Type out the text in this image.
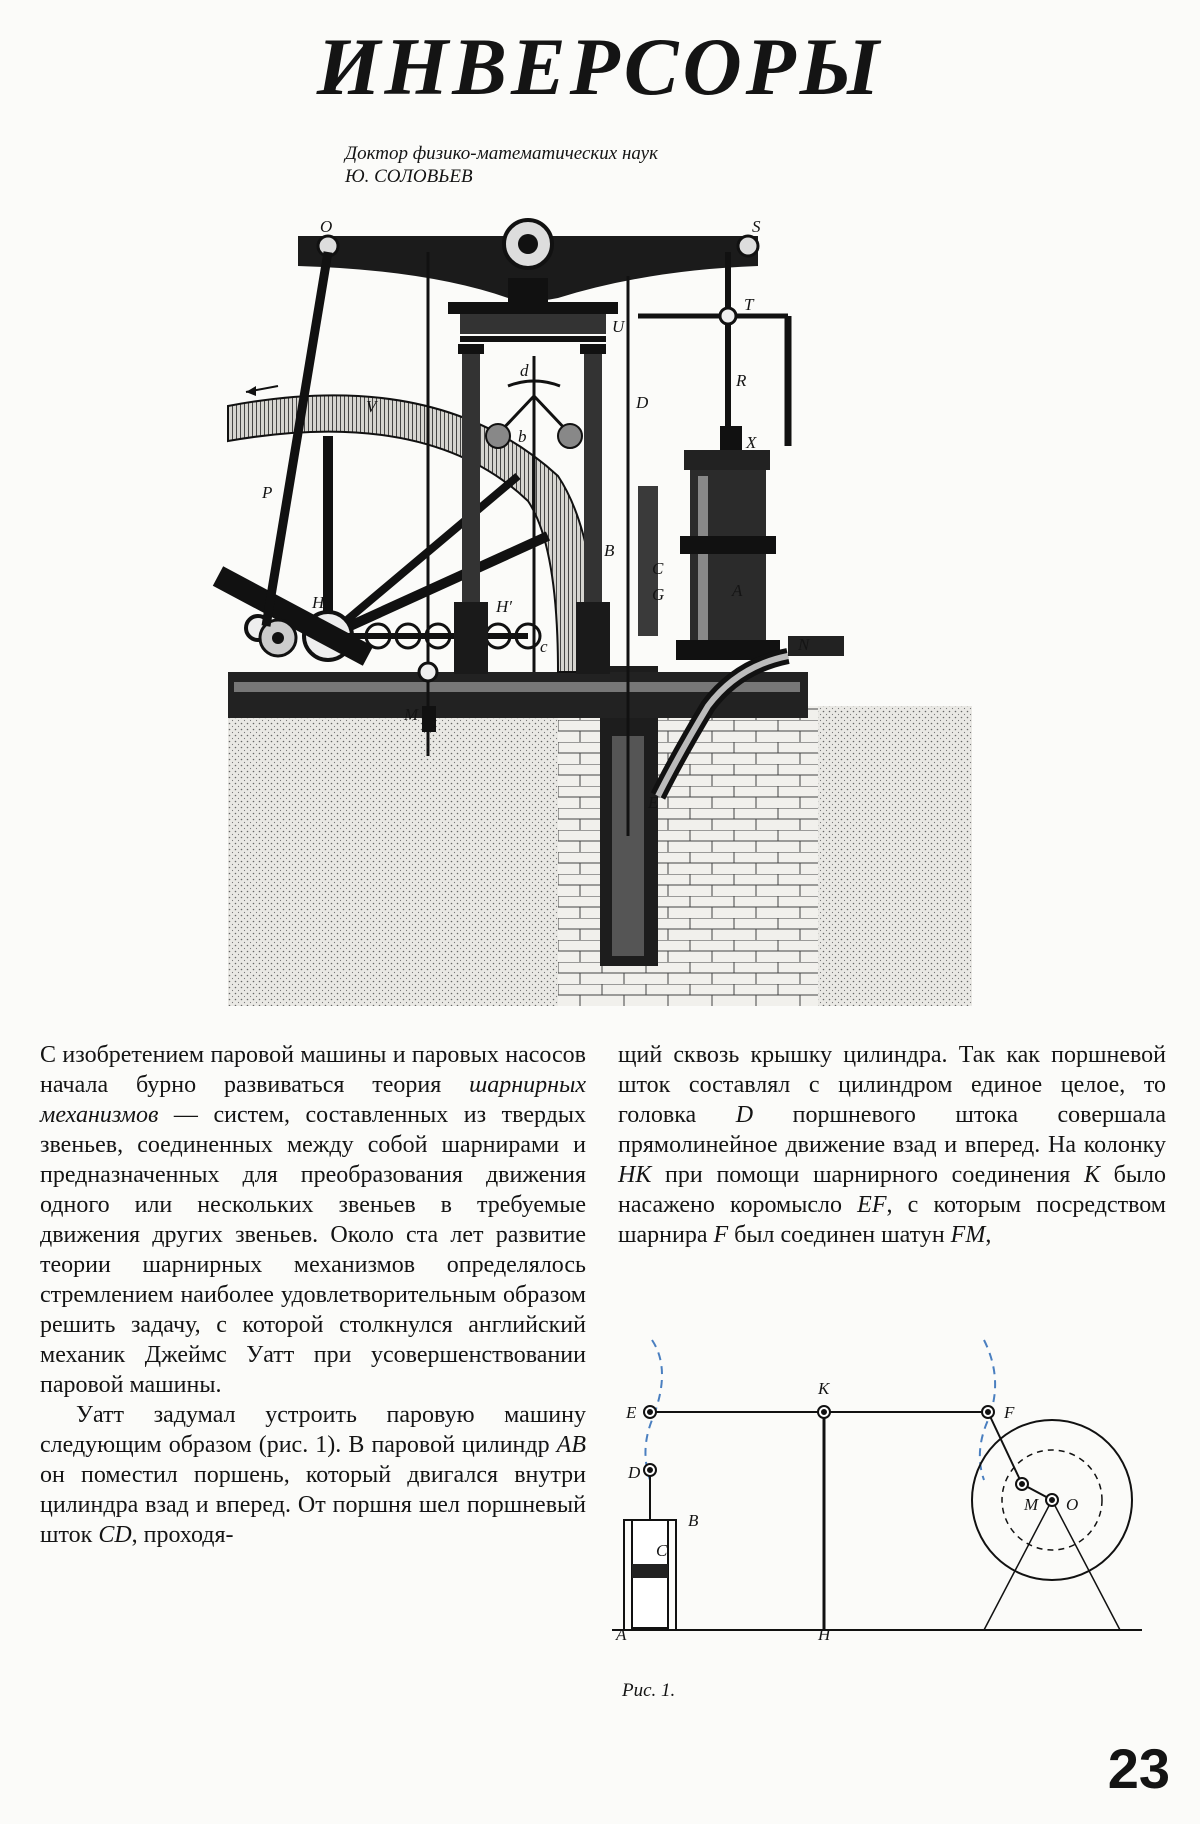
ИНВЕРСОРЫ
Доктор физико-математических наук
Ю. СОЛОВЬЕВ
O	S
T
U
R
D
X
V
P
d
b
B
C
G	A
H	H′
N
c
M
E

С изобретением паровой машины и паровых насосов начала бурно развиваться теория шарнирных механизмов — систем, составленных из твердых звеньев, соединенных между собой шарнирами и предназначенных для преобразования движения одного или нескольких звеньев в требуемые движения других звеньев. Около ста лет развитие теории шарнирных механизмов определялось стремлением наиболее удовлетворительным образом решить задачу, с которой столкнулся английский механик Джеймс Уатт при усовершенствовании паровой машины.

Уатт задумал устроить паровую машину следующим образом (рис. 1). В паровой цилиндр AB он поместил поршень, который двигался внутри цилиндра взад и вперед. От поршня шел поршневый шток CD, проходя-

щий сквозь крышку цилиндра. Так как поршневой шток составлял с цилиндром единое целое, то головка D поршневого штока совершала прямолинейное движение взад и вперед. На колонку HK при помощи шарнирного соединения K было насажено коромысло EF, с которым посредством шарнира F был соединен шатун FM,

K
E	F
D
B
C
M O
A	H
Рис. 1.
23
